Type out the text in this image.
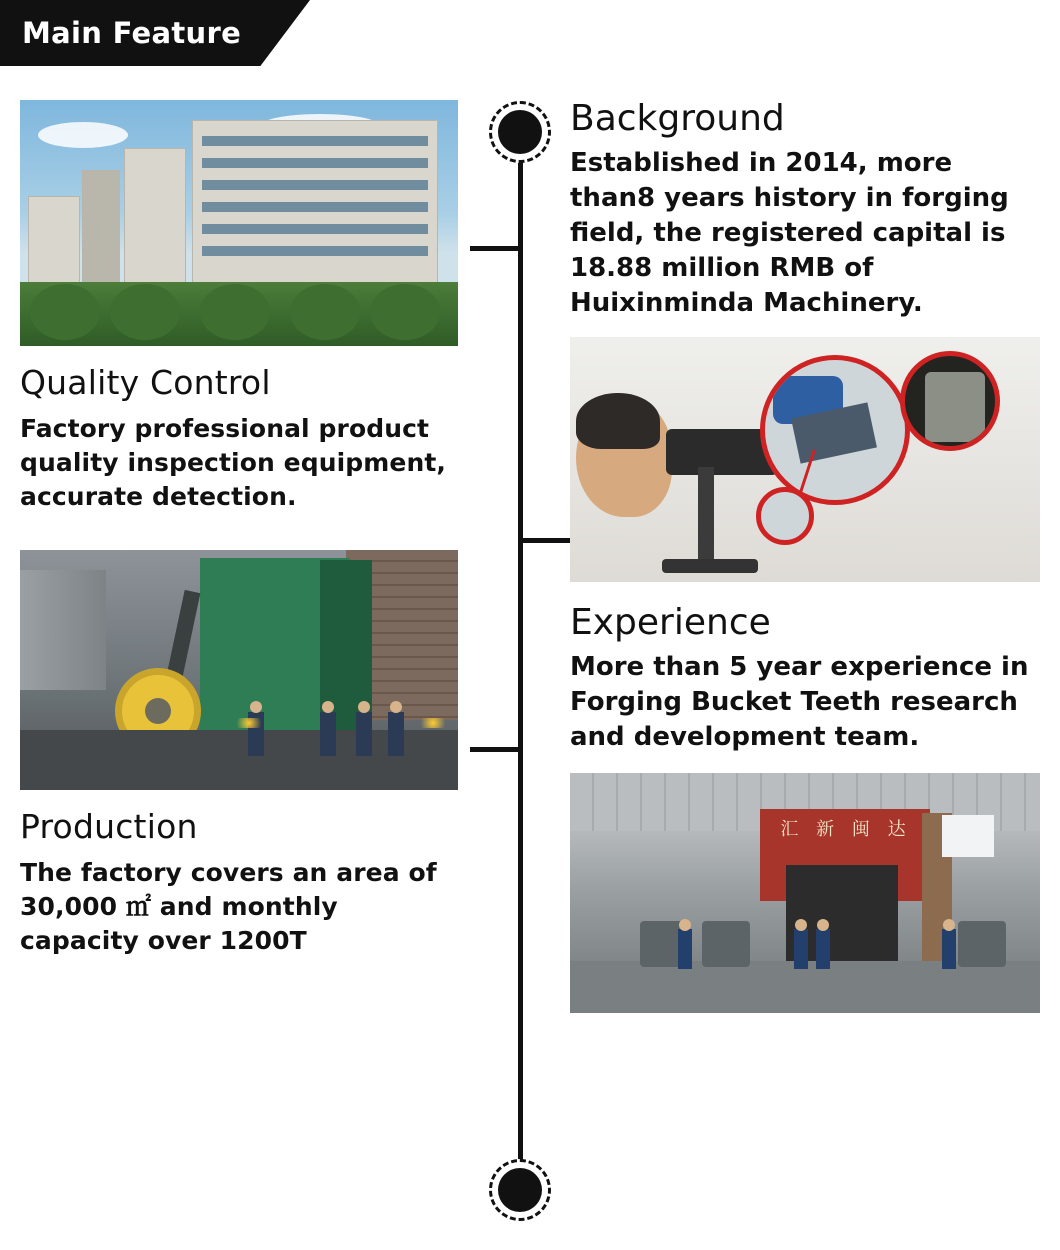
Main Feature
Quality Control

Factory professional product quality inspection equipment, accurate detection.

Production

The factory covers an area of 30,000 ㎡ and monthly capacity over 1200T

Background

Established in 2014, more than8 years history in forging field, the registered capital is 18.88 million RMB of Huixinminda Machinery.

Experience

More than 5 year experience in Forging Bucket Teeth research and development team.

汇 新 闽 达
